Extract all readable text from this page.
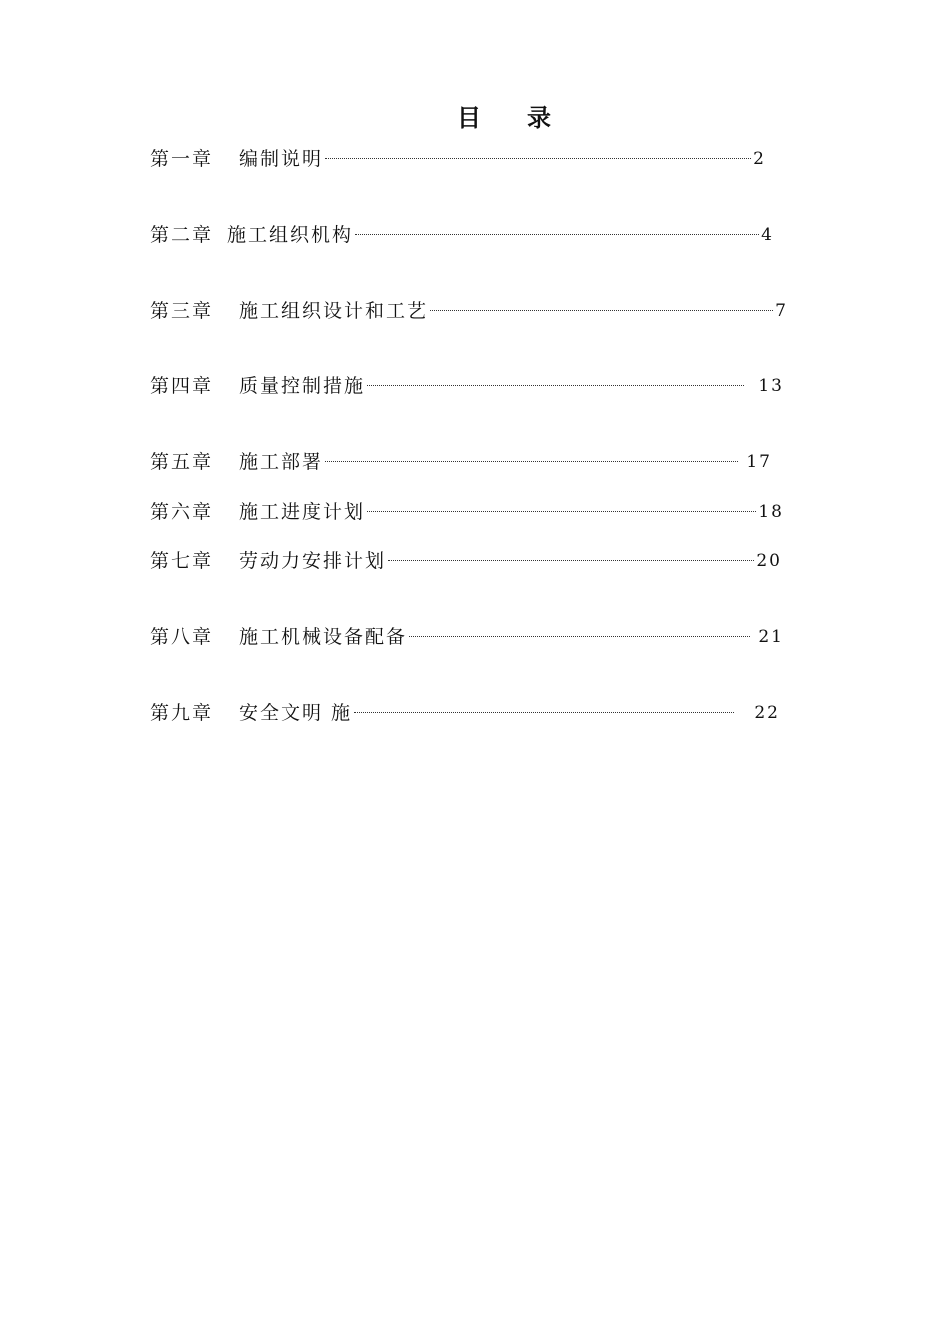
目 录
第一章 编制说明	2
第二章 施工组织机构	4
第三章 施工组织设计和工艺	7
第四章 质量控制措施	13
第五章 施工部署	17
第六章 施工进度计划	18
第七章 劳动力安排计划	20
第八章 施工机械设备配备	21
第九章 安全文明 施	22
